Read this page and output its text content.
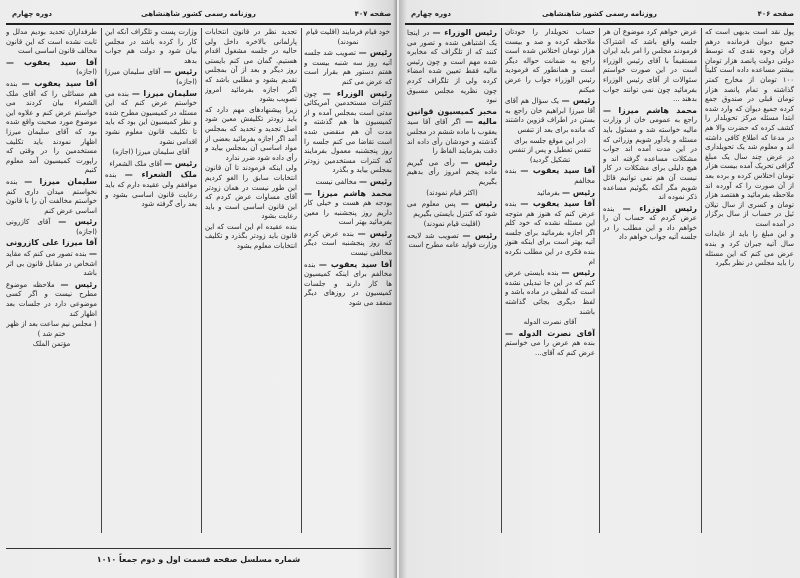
صفحه ۴۰۷
روزنامه رسمی کشور شاهنشاهی
دوره چهارم

خود قیام فرمایند (اقلیت قیام نمودند)

رئیس — تصویب شد جلسه آتیه روز سه شنبه بیست و هفتم دستور هم بقرار است که عرض می کنم

رئیس الوزراء — چون کنترات مستخدمین آمریکائی مدتی است بمجلس آمده و از کمیسیون ها هم گذشته و مدت آن هم منقضی شده است تقاضا می کنم جلسه را روز پنجشنبه معمول بفرمایند که کنترات مستخدمین زودتر بمجلس بیاید و بگذرد

رئیس — مخالفی نیست

محمد هاشم میرزا — بودجه هم هست و خیلی کار داریم روز پنجشنبه را معین بفرمائید بهتر است

رئیس — بنده عرض کردم که روز پنجشنبه است دیگر مخالفی نیست

آقا سید یعقوب — بنده مخالفم برای اینکه کمیسیون ها کار دارند و جلسات کمیسیون در روزهای دیگر منعقد می شود

تجدید نظر در قانون انتخابات پارلمانی بالاخره داخل ولی حالیه در جلسه مشغول اقدام هستیم. گمان می کنم بایستی روز دیگر و بعد از آن بمجلس تقدیم بشود و مطلبی باشد که اگر اجازه بفرمائید امروز تصویب بشود

زیرا پیشنهادهای مهم دارد که باید زودتر تکلیفش معین شود اصل تجدید و تحدید که بمجلس آمد اگر اجازه بفرمائید بعضی از مواد اساسی آن بمجلس بیاید و رأی داده شود ضرر ندارد

ولی اینکه فرمودند تا آن قانون انتخابات سابق را الغو کردیم این طور نیست در همان زودتر آقای مساوات عرض کردم که این قانون اساسی است و باید رعایت بشود

بنده عقیده ام این است که این قانون باید زودتر بگذرد و تکلیف انتخابات معلوم بشود

وزارت پست و تلگراف آنکه این کار را کرده باشد در مجلس بیان شود و دولت هم جواب بدهد

رئیس — آقای سلیمان میرزا (اجازه)

سلیمان میرزا — بنده می خواستم عرض کنم که این مسئله در کمیسیون مطرح شده و نظر کمیسیون این بود که باید تا تکلیف قانون معلوم نشود اقدامی نشود

آقای سلیمان میرزا (اجازه)

رئیس — آقای ملک الشعراء

ملک الشعراء — بنده موافقم ولی عقیده دارم که باید رعایت قانون اساسی بشود و بعد رأی گرفته شود

طرفداران تحدید بودیم مدلل و ثابت نشده است که این قانون مخالف قانون اساسی است

آقا سید یعقوب — (اجازه)

آقا سید یعقوب — بنده هم مسائلی را که آقای ملک الشعراء بیان کردند می خواستم عرض کنم و علاوه این موضوع مورد صحبت واقع شده بود که آقای سلیمان میرزا اظهار نمودند باید تکلیف مستخدمین را در وقتی که راپورت کمیسیون آمد معلوم کنیم

سلیمان میرزا — بنده نخواستم میدان داری کنم خواستم مخالفت آن را با قانون اساسی عرض کنم

رئیس — آقای کازرونی (اجازه)

آقا میرزا علی کازرونی — بنده تصور می کنم که مقاید اشخاص در مقابل قانون بی اثر باشد

رئیس — ملاحظه موضوع مطرح نیست و اگر کسی موضوعی دارد در جلسات بعد اظهار کند

( مجلس نیم ساعت بعد از ظهر ختم شد )

مؤتمن الملک

شماره مسلسل صفحه قسمت اول و دوم جمعاً ۱۰۱۰
صفحه ۴۰۶
روزنامه رسمی کشور شاهنشاهی
دوره چهارم

پول نقد است بدیهی است که جمیع دیوان فرمانده درهم قران وجوه نقدی که توسط دولتی دولت پانصد هزار تومان بیشتر مساعده داده است کلیتاً ۱۰۰ تومان از مخارج کمتر گذاشته و تمام پانصد هزار تومان قبلی در صندوق جمع کرده جمیع دیوان که وارد شده ابتدا مسئله مرکز تحویلدار را کشف کرده که حضرت والا هم در مدعا که اطلاع کافی داشته اند و معلوم شد یک تحویلداری در عرض چند سال یک مبلغ گزافی تحریک آمده بیست هزار تومان اختلاس کرده و برده بعد از آن صورت را که آورده اند ملاحظه بفرمائید و هفتصد هزار تومان و کسری از سال تیلان ئیل در حساب از سال برگزار در آمده است

و این مبلغ را باید از عایدات سال آتیه جبران کرد و بنده عرض می کنم که این مسئله را باید مجلس در نظر بگیرد

عرض خواهم کرد موضوع آن هر جلسه واقع باشد که اشتراک فرمودند مجلس را امر باید ایران مستقیماً با آقای رئیس الوزراء است در این صورت خواستم سئوالات از آقای رئیس الوزراء بفرمائید چون نمی توانند جواب بدهند ...

محمد هاشم میرزا — راجع به عمومی خان از وزارت مالیه خواسته شد و مسئول باید مسئله و یادآور شویم وزرائی که در این مدت آمده اند جواب مشکلات مساعده گرفته اند و هیچ دلیلی برای مشکلات در کار نیست آن هم نمی توانیم قائل شویم مگر آنکه بگوئیم مساعده ذکر نموده اند

رئیس الوزراء — بنده عرض کردم که حساب آن را خواهم داد و این مطلب را در جلسه آتیه جواب خواهم داد

حساب تحویلدار را خودتان ملاحظه کرده و صد و بیست هزار تومان اختلاس شده است راجع به ضمانت حواله دیگر است و همانطور که فرمودید رئیس الوزراء جواب را عرض میکنم

رئیس — یک سؤال هم آقای آقا میرزا ابراهیم خان راجع به بستن در اطراف قزوین داشتند که مانده برای بعد از تنفس

(در این موقع جلسه برای تنفس تعطیل و پس از تنفس تشکیل گردید)

آقا سید یعقوب — بنده مخالفم

رئیس — بفرمائید

آقا سید یعقوب — بنده عرض کنم که هنوز هم متوجه این مسئله نشده که خود کلم اگر اجازه بفرمائید برای جلسه آتیه بهتر است برای اینکه هنوز بنده فکری در این مطلب نکرده ام

رئیس — بنده بایستی عرض کنم که در این جا تبدیلی نشده است که لفظی در ماده باشد و لفظ دیگری بجائی گذاشته باشند

آقای نصرت الدوله

آقای نصرت الدوله — بنده هم عرض را می خواستم عرض کنم که آقای...

رئیس الوزراء — در اینجا یک اشتباهی شده و تصور می کنند که از تلگراف که مخابره شده مهم است و چون رئیس مالیه فقط تعیین شده امضاء کرده ولی از تلگراف کردم چون نظریه مجلس مسبوق نبود

مخبر کمیسیون قوانین مالیه — اگر آقای آقا سید یعقوب با ماده ششم در مجلس گذشته و خودشان رأی داده اند دقت بفرمایند الفاظ را

رئیس — رأی می گیریم ماده پنجم امروز رأی بدهیم بگیریم

(اکثر قیام نمودند)

رئیس — پس معلوم می شود که کنترل بایستی بگیریم

(اقلیت قیام نمودند)

رئیس — تصویب شد لایحه وزارت فواید عامه مطرح است
